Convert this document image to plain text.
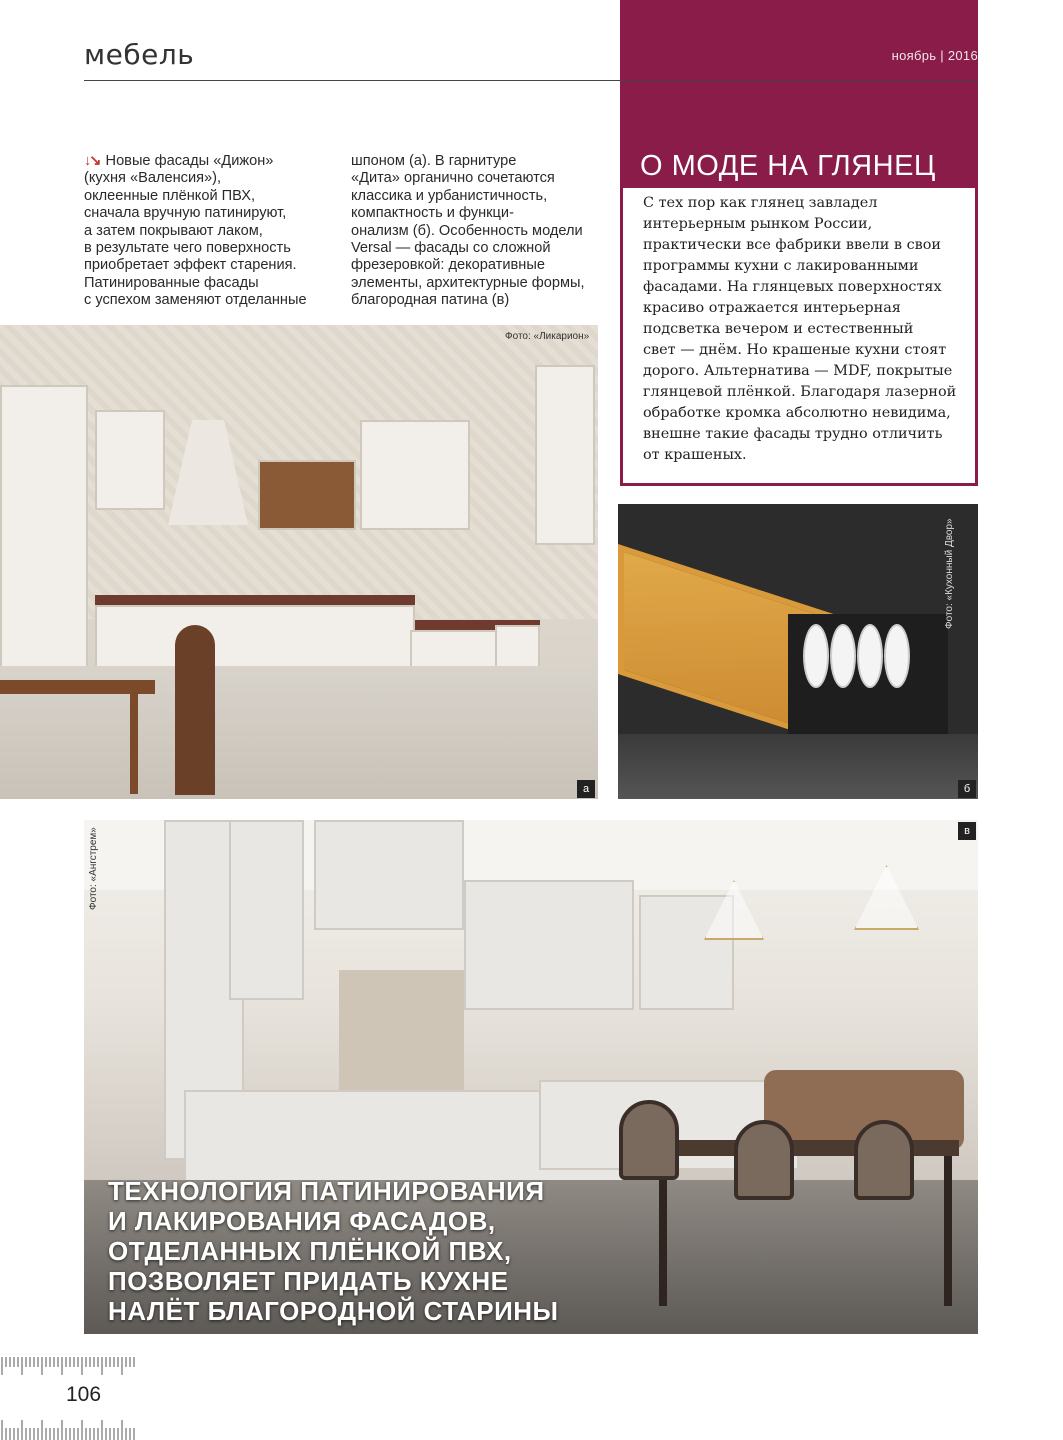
мебель	ноябрь | 2016
↓↘ Новые фасады «Дижон»
(кухня «Валенсия»),
оклеенные плёнкой ПВХ,
сначала вручную патинируют,
а затем покрывают лаком,
в результате чего поверхность
приобретает эффект старения.
Патинированные фасады
с успехом заменяют отделанные
шпоном (а). В гарнитуре
«Дита» органично сочетаются
классика и урбанистичность,
компактность и функци-
онализм (б). Особенность модели
Versal — фасады со сложной
фрезеровкой: декоративные
элементы, архитектурные формы,
благородная патина (в)
О МОДЕ НА ГЛЯНЕЦ
С тех пор как глянец завладел
интерьерным рынком России,
практически все фабрики ввели в свои
программы кухни с лакированными
фасадами. На глянцевых поверхностях
красиво отражается интерьерная
подсветка вечером и естественный
свет — днём. Но крашеные кухни стоят
дорого. Альтернатива — MDF, покрытые
глянцевой плёнкой. Благодаря лазерной
обработке кромка абсолютно невидима,
внешне такие фасады трудно отличить
от крашеных.
Фото: «Ликарион»
а
Фото: «Кухонный Двор»
б
Фото: «Ангстрем»	в
ТЕХНОЛОГИЯ ПАТИНИРОВАНИЯ
И ЛАКИРОВАНИЯ ФАСАДОВ,
ОТДЕЛАННЫХ ПЛЁНКОЙ ПВХ,
ПОЗВОЛЯЕТ ПРИДАТЬ КУХНЕ
НАЛЁТ БЛАГОРОДНОЙ СТАРИНЫ
106
